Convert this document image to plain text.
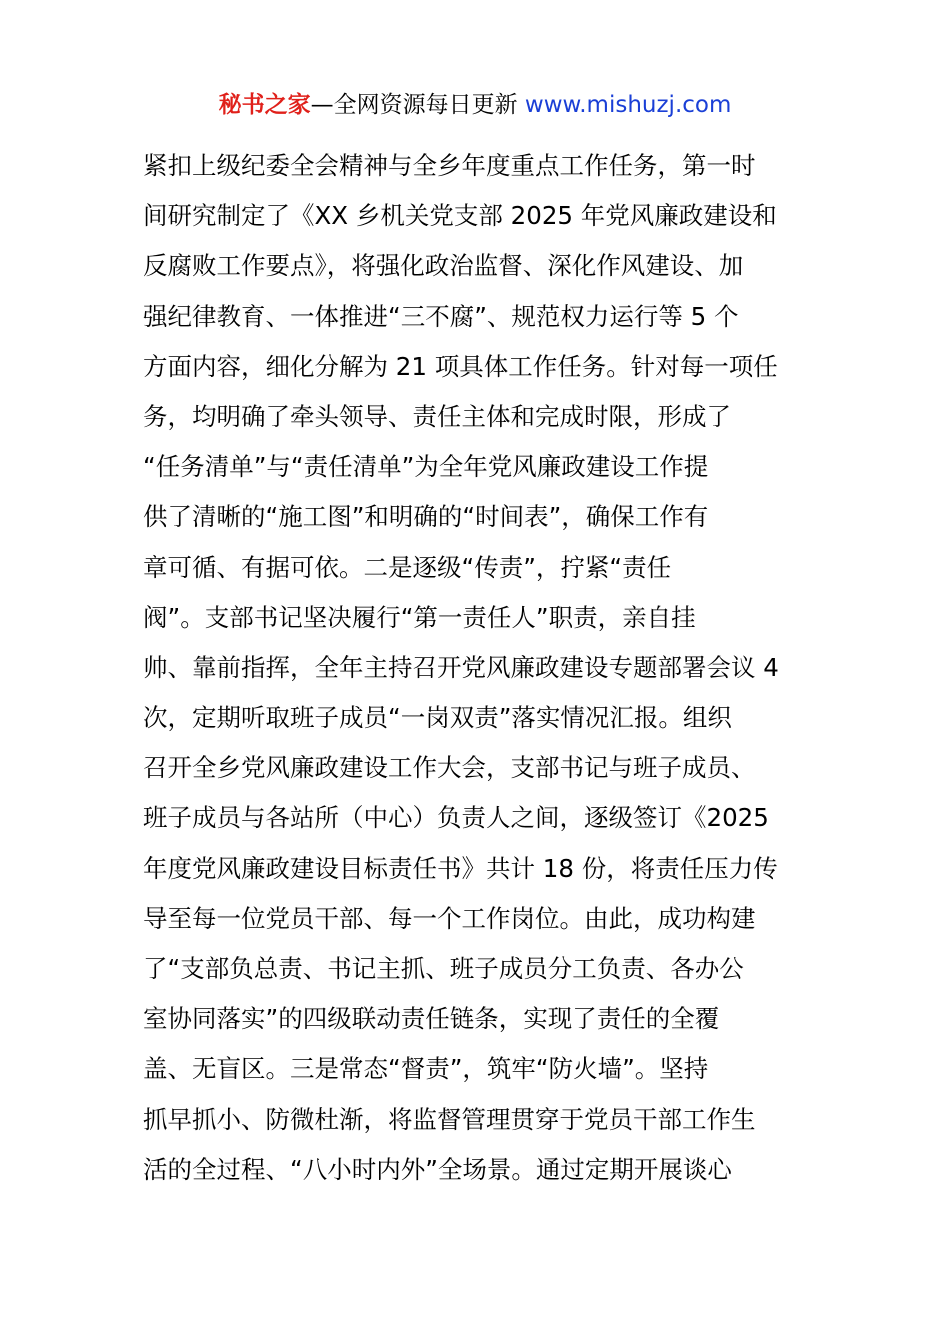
秘书之家—全网资源每日更新 www.mishuzj.com
紧扣上级纪委全会精神与全乡年度重点工作任务，第一时
间研究制定了《XX 乡机关党支部 2025 年党风廉政建设和
反腐败工作要点》，将强化政治监督、深化作风建设、加
强纪律教育、一体推进“三不腐”、规范权力运行等 5 个
方面内容，细化分解为 21 项具体工作任务。针对每一项任
务，均明确了牵头领导、责任主体和完成时限，形成了
“任务清单”与“责任清单”为全年党风廉政建设工作提
供了清晰的“施工图”和明确的“时间表”，确保工作有
章可循、有据可依。二是逐级“传责”，拧紧“责任
阀”。支部书记坚决履行“第一责任人”职责，亲自挂
帅、靠前指挥，全年主持召开党风廉政建设专题部署会议 4
次，定期听取班子成员“一岗双责”落实情况汇报。组织
召开全乡党风廉政建设工作大会，支部书记与班子成员、
班子成员与各站所（中心）负责人之间，逐级签订《2025
年度党风廉政建设目标责任书》共计 18 份，将责任压力传
导至每一位党员干部、每一个工作岗位。由此，成功构建
了“支部负总责、书记主抓、班子成员分工负责、各办公
室协同落实”的四级联动责任链条，实现了责任的全覆
盖、无盲区。三是常态“督责”，筑牢“防火墙”。坚持
抓早抓小、防微杜渐，将监督管理贯穿于党员干部工作生
活的全过程、“八小时内外”全场景。通过定期开展谈心
